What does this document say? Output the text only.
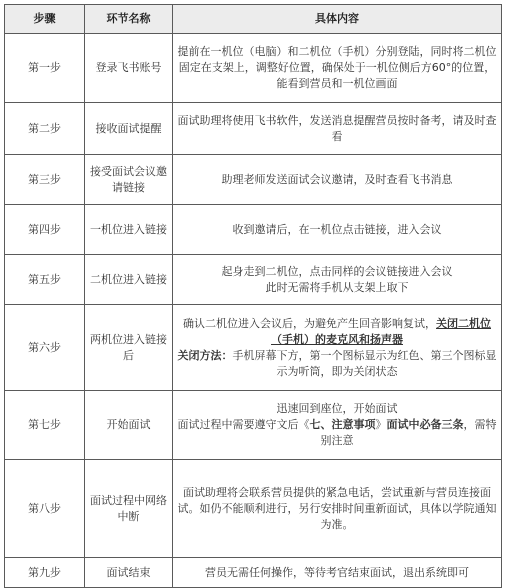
步骤	环节名称	具体内容
第一步	登录飞书账号	提前在一机位（电脑）和二机位（手机）分别登陆，同时将二机位固定在支架上，调整好位置，确保处于一机位侧后方60°的位置，能看到营员和一机位画面

第二步	接收面试提醒	面试助理将使用飞书软件，发送消息提醒营员按时备考，请及时查看

第三步	接受面试会议邀请链接	助理老师发送面试会议邀请，及时查看飞书消息

第四步	一机位进入链接	收到邀请后，在一机位点击链接，进入会议

第五步	二机位进入链接	起身走到二机位，点击同样的会议链接进入会议
此时无需将手机从支架上取下

第六步	两机位进入链接后	确认二机位进入会议后，为避免产生回音影响复试，关闭二机位（手机）的麦克风和扬声器
关闭方法：手机屏幕下方，第一个图标显示为红色、第三个图标显示为听筒，即为关闭状态

第七步	开始面试	迅速回到座位，开始面试
面试过程中需要遵守文后《七、注意事项》面试中必备三条，需特别注意

第八步	面试过程中网络中断	面试助理将会联系营员提供的紧急电话，尝试重新与营员连接面试。如仍不能顺利进行，另行安排时间重新面试，具体以学院通知为准。

第九步	面试结束	营员无需任何操作，等待考官结束面试，退出系统即可
